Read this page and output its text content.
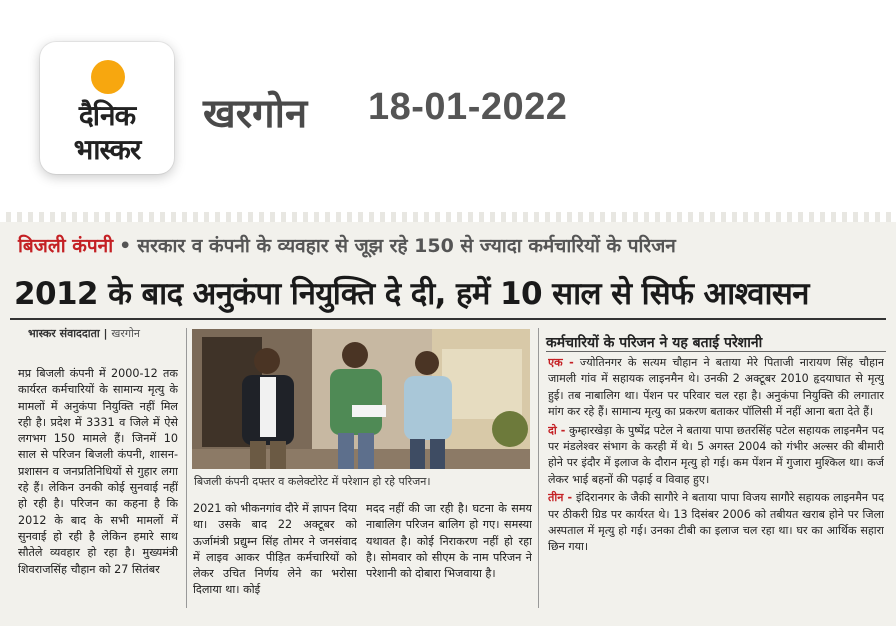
दैनिक
भास्कर
खरगोन 18-01-2022
बिजली कंपनी • सरकार व कंपनी के व्यवहार से जूझ रहे 150 से ज्यादा कर्मचारियों के परिजन
2012 के बाद अनुकंपा नियुक्ति दे दी, हमें 10 साल से सिर्फ आश्वासन
भास्कर संवाददाता | खरगोन
मप्र बिजली कंपनी में 2000-12 तक कार्यरत कर्मचारियों के सामान्य मृत्यु के मामलों में अनुकंपा नियुक्ति नहीं मिल रही है। प्रदेश में 3331 व जिले में ऐसे लगभग 150 मामले हैं। जिनमें 10 साल से परिजन बिजली कंपनी, शासन-प्रशासन व जनप्रतिनिधियों से गुहार लगा रहे हैं। लेकिन उनकी कोई सुनवाई नहीं हो रही है। परिजन का कहना है कि 2012 के बाद के सभी मामलों में सुनवाई हो रही है लेकिन हमारे साथ सौतेले व्यवहार हो रहा है। मुख्यमंत्री शिवराजसिंह चौहान को 27 सितंबर
बिजली कंपनी दफ्तर व कलेक्टोरेट में परेशान हो रहे परिजन।
2021 को भीकनगांव दौरे में ज्ञापन दिया था। उसके बाद 22 अक्टूबर को ऊर्जामंत्री प्रद्युम्न सिंह तोमर ने जनसंवाद में लाइव आकर पीड़ित कर्मचारियों को लेकर उचित निर्णय लेने का भरोसा दिलाया था। कोई
मदद नहीं की जा रही है। घटना के समय नाबालिग परिजन बालिग हो गए। समस्या यथावत है। कोई निराकरण नहीं हो रहा है। सोमवार को सीएम के नाम परिजन ने परेशानी को दोबारा भिजवाया है।
कर्मचारियों के परिजन ने यह बताई परेशानी
एक - ज्योतिनगर के सत्यम चौहान ने बताया मेरे पिताजी नारायण सिंह चौहान जामली गांव में सहायक लाइनमैन थे। उनकी 2 अक्टूबर 2010 हृदयाघात से मृत्यु हुई। तब नाबालिग था। पेंशन पर परिवार चल रहा है। अनुकंपा नियुक्ति की लगातार मांग कर रहे हैं। सामान्य मृत्यु का प्रकरण बताकर पॉलिसी में नहीं आना बता देते हैं।
दो - कुम्हारखेड़ा के पुष्पेंद्र पटेल ने बताया पापा छतरसिंह पटेल सहायक लाइनमैन पद पर मंडलेश्वर संभाग के करही में थे। 5 अगस्त 2004 को गंभीर अल्सर की बीमारी होने पर इंदौर में इलाज के दौरान मृत्यु हो गई। कम पेंशन में गुजारा मुश्किल था। कर्ज लेकर भाई बहनों की पढ़ाई व विवाह हुए।
तीन - इंदिरानगर के जैकी सागौरे ने बताया पापा विजय सागौरे सहायक लाइनमैन पद पर ठीकरी ग्रिड पर कार्यरत थे। 13 दिसंबर 2006 को तबीयत खराब होने पर जिला अस्पताल में मृत्यु हो गई। उनका टीबी का इलाज चल रहा था। घर का आर्थिक सहारा छिन गया।
